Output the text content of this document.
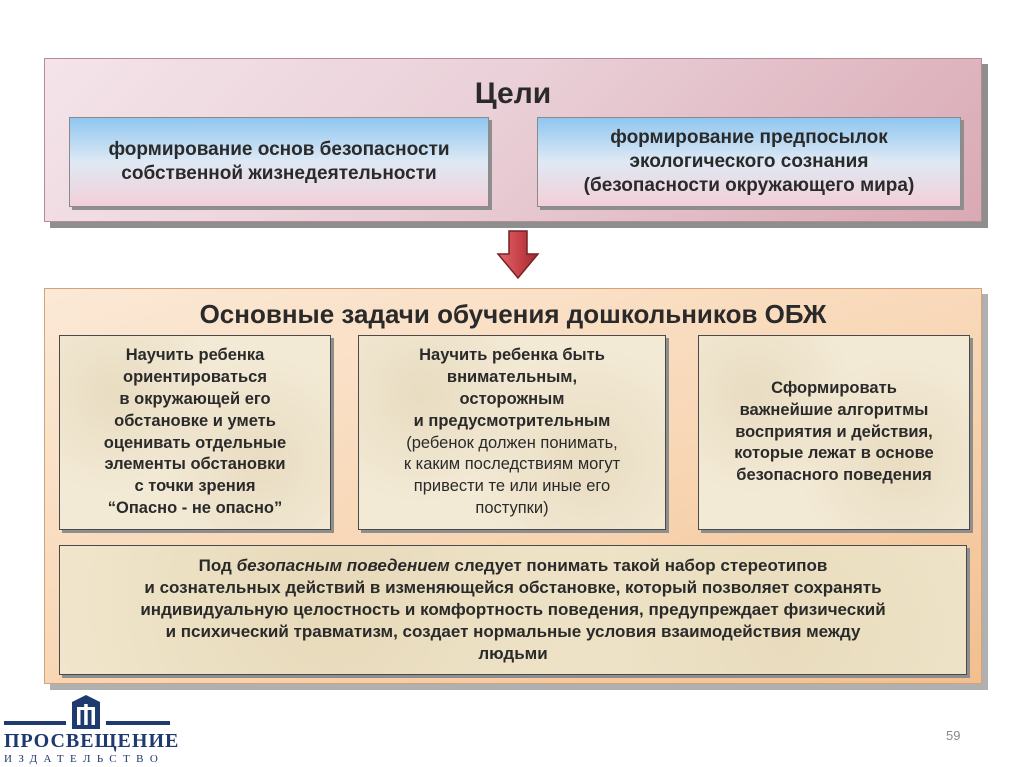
Цели
формирование основ безопасности
собственной жизнедеятельности
формирование предпосылок
экологического сознания
(безопасности окружающего мира)
Основные задачи обучения дошкольников ОБЖ
Научить ребенка
ориентироваться
в окружающей его
обстановке и уметь
оценивать отдельные
элементы обстановки
с точки зрения
“Опасно - не опасно”
Научить ребенка быть
внимательным,
осторожным
и предусмотрительным
(ребенок должен понимать,
к каким последствиям могут
привести те или иные его
поступки)
Сформировать
важнейшие алгоритмы
восприятия и действия,
которые лежат в основе
безопасного поведения
Под безопасным поведением следует понимать такой набор стереотипов
и сознательных действий в изменяющейся обстановке, который позволяет сохранять
индивидуальную целостность и комфортность поведения, предупреждает физический
и психический травматизм, создает нормальные условия взаимодействия между
людьми
ПРОСВЕЩЕНИЕ
ИЗДАТЕЛЬСТВО
59
